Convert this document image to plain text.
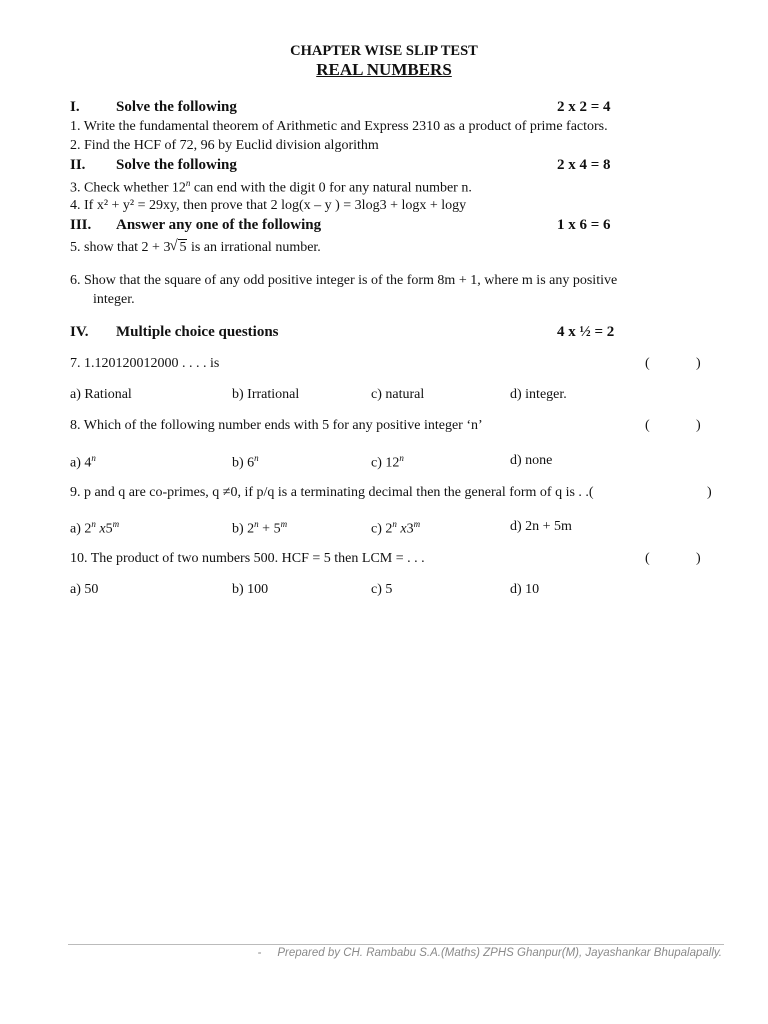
CHAPTER WISE SLIP TEST
REAL NUMBERS
I. Solve the following	2 x 2 = 4
1. Write the fundamental theorem of Arithmetic and Express 2310 as a product of prime factors.
2. Find the HCF of 72, 96 by Euclid division algorithm
II. Solve the following	2 x 4 = 8
3. Check whether 12$^n$ can end with the digit 0 for any natural number n.
4. If x² + y² = 29xy, then prove that 2 log(x – y ) = 3log3 + logx + logy
III. Answer any one of the following	1 x 6 = 6
5. show that 2 + 3√ 5 is an irrational number.
6. Show that the square of any odd positive integer is of the form 8m + 1, where m is any positive
integer.
IV. Multiple choice questions	4 x ½ = 2
7. 1.120120012000 . . . . is	(	)
a) Rational	b) Irrational	c) natural	d) integer.
8. Which of the following number ends with 5 for any positive integer ‘n’	(	)
a) 4$^n$	b) 6$^n$	c) 12$^n$	d) none
9. p and q are co-primes, q ≠0, if p/q is a terminating decimal then the general form of q is . .(	)
a) 2$^n$ x5$^m$	b) $2^n + 5^m$	c) 2$^n$ x3$^m$	d) 2n + 5m
10. The product of two numbers 500. HCF = 5 then LCM = . . .	(	)
a) 50	b) 100	c) 5	d) 10
- Prepared by CH. Rambabu S.A.(Maths) ZPHS Ghanpur(M), Jayashankar Bhupalapally.
